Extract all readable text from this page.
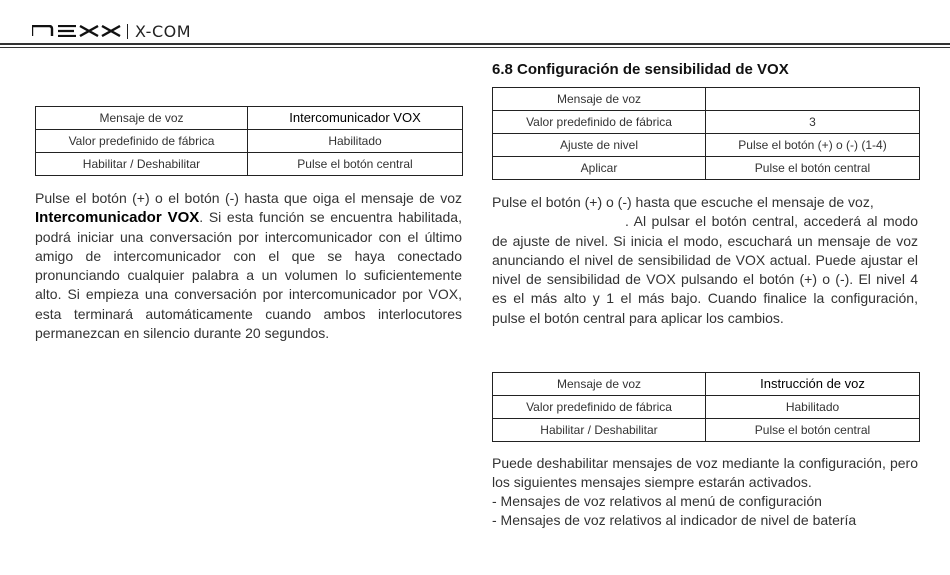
NEXX	X-COM
Mensaje de voz	Intercomunicador VOX
Valor predefinido de fábrica	Habilitado
Habilitar / Deshabilitar	Pulse el botón central
Pulse el botón (+) o el botón (-) hasta que oiga el mensaje de voz Intercomunicador VOX. Si esta función se encuentra habilitada, podrá iniciar una conversación por intercomunicador con el último amigo de intercomunicador con el que se haya conectado pronunciando cualquier palabra a un volumen lo suficientemente alto. Si empieza una conversación por intercomunicador por VOX, esta terminará automáticamente cuando ambos interlocutores permanezcan en silencio durante 20 segundos.
6.8 Configuración de sensibilidad de VOX
Mensaje de voz	
Valor predefinido de fábrica	3
Ajuste de nivel	Pulse el botón (+) o (-) (1-4)
Aplicar	Pulse el botón central
Pulse el botón (+) o (-) hasta que escuche el mensaje de voz,
. Al pulsar el botón central, accederá al modo de ajuste de nivel. Si inicia el modo, escuchará un mensaje de voz anunciando el nivel de sensibilidad de VOX actual. Puede ajustar el nivel de sensibilidad de VOX pulsando el botón (+) o (-). El nivel 4 es el más alto y 1 el más bajo. Cuando finalice la configuración, pulse el botón central para aplicar los cambios.
Mensaje de voz	Instrucción de voz
Valor predefinido de fábrica	Habilitado
Habilitar / Deshabilitar	Pulse el botón central
Puede deshabilitar mensajes de voz mediante la configuración, pero los siguientes mensajes siempre estarán activados.
- Mensajes de voz relativos al menú de configuración
- Mensajes de voz relativos al indicador de nivel de batería
